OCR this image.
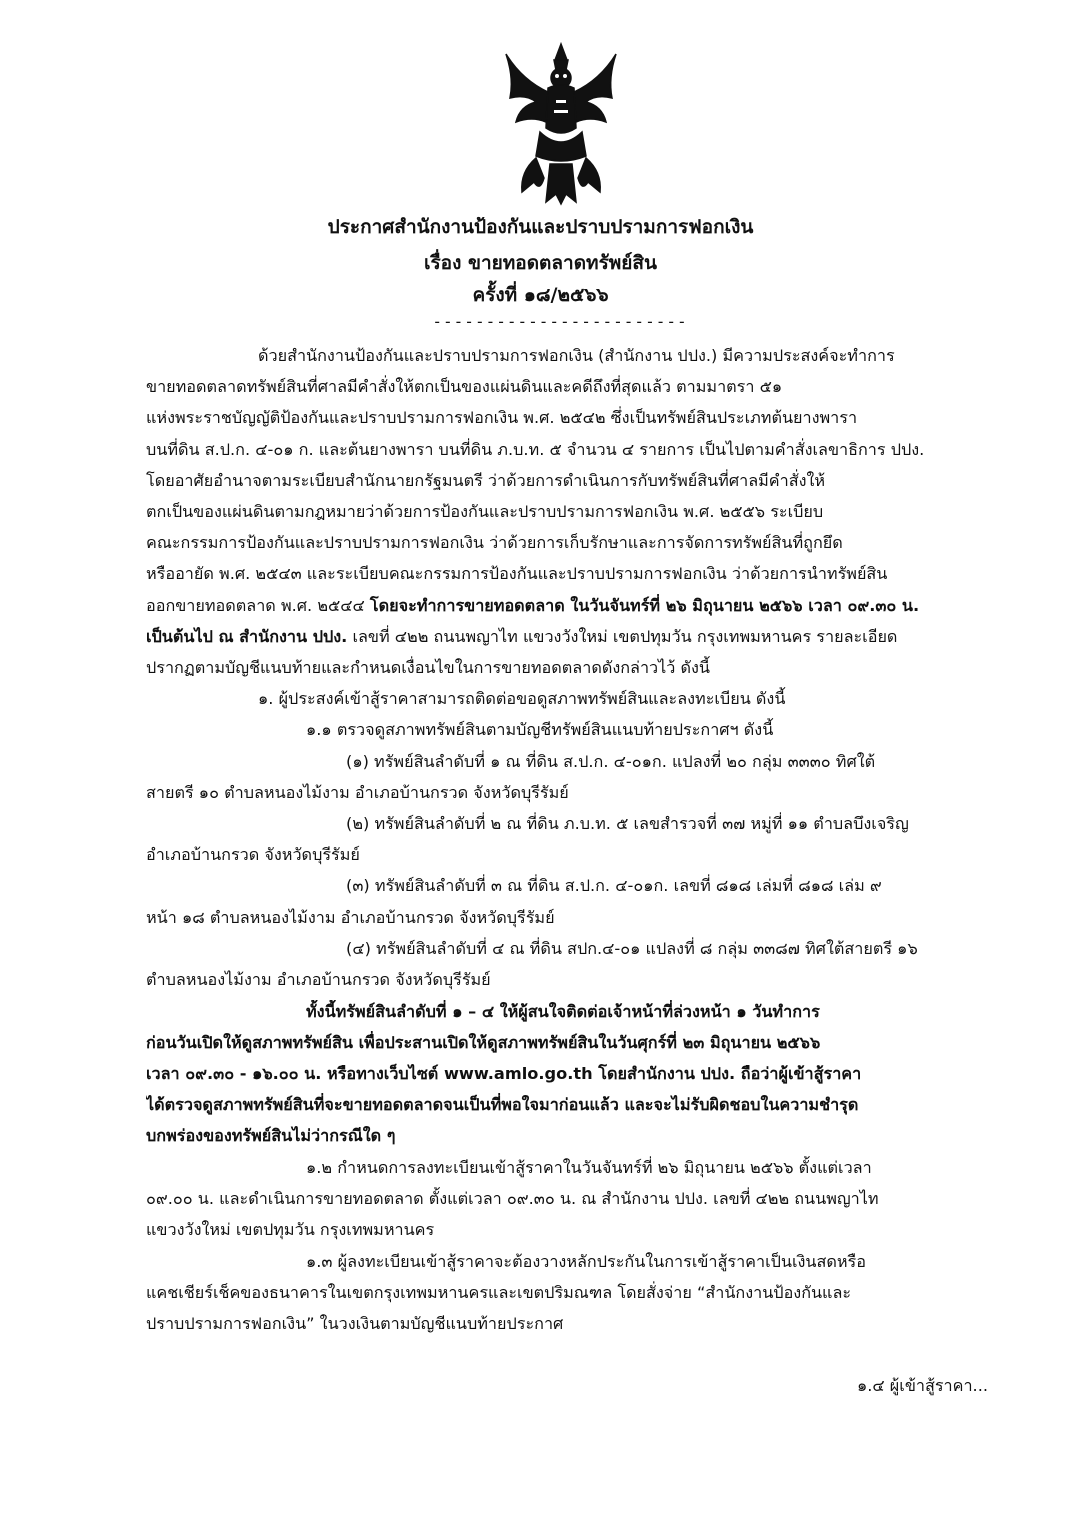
ประกาศสำนักงานป้องกันและปราบปรามการฟอกเงิน
เรื่อง ขายทอดตลาดทรัพย์สิน
ครั้งที่ ๑๘/๒๕๖๖
------------------------
ด้วยสำนักงานป้องกันและปราบปรามการฟอกเงิน (สำนักงาน ปปง.) มีความประสงค์จะทำการ
ขายทอดตลาดทรัพย์สินที่ศาลมีคำสั่งให้ตกเป็นของแผ่นดินและคดีถึงที่สุดแล้ว ตามมาตรา ๕๑
แห่งพระราชบัญญัติป้องกันและปราบปรามการฟอกเงิน พ.ศ. ๒๕๔๒ ซึ่งเป็นทรัพย์สินประเภทต้นยางพารา
บนที่ดิน ส.ป.ก. ๔-๐๑ ก. และต้นยางพารา บนที่ดิน ภ.บ.ท. ๕ จำนวน ๔ รายการ เป็นไปตามคำสั่งเลขาธิการ ปปง.
โดยอาศัยอำนาจตามระเบียบสำนักนายกรัฐมนตรี ว่าด้วยการดำเนินการกับทรัพย์สินที่ศาลมีคำสั่งให้
ตกเป็นของแผ่นดินตามกฎหมายว่าด้วยการป้องกันและปราบปรามการฟอกเงิน พ.ศ. ๒๕๕๖ ระเบียบ
คณะกรรมการป้องกันและปราบปรามการฟอกเงิน ว่าด้วยการเก็บรักษาและการจัดการทรัพย์สินที่ถูกยึด
หรืออายัด พ.ศ. ๒๕๔๓ และระเบียบคณะกรรมการป้องกันและปราบปรามการฟอกเงิน ว่าด้วยการนำทรัพย์สิน
ออกขายทอดตลาด พ.ศ. ๒๕๔๔ โดยจะทำการขายทอดตลาด ในวันจันทร์ที่ ๒๖ มิถุนายน ๒๕๖๖ เวลา ๐๙.๓๐ น.
เป็นต้นไป ณ สำนักงาน ปปง. เลขที่ ๔๒๒ ถนนพญาไท แขวงวังใหม่ เขตปทุมวัน กรุงเทพมหานคร รายละเอียด
ปรากฏตามบัญชีแนบท้ายและกำหนดเงื่อนไขในการขายทอดตลาดดังกล่าวไว้ ดังนี้
๑. ผู้ประสงค์เข้าสู้ราคาสามารถติดต่อขอดูสภาพทรัพย์สินและลงทะเบียน ดังนี้
๑.๑ ตรวจดูสภาพทรัพย์สินตามบัญชีทรัพย์สินแนบท้ายประกาศฯ ดังนี้
(๑) ทรัพย์สินลำดับที่ ๑ ณ ที่ดิน ส.ป.ก. ๔-๐๑ก. แปลงที่ ๒๐ กลุ่ม ๓๓๓๐ ทิศใต้
สายตรี ๑๐ ตำบลหนองไม้งาม อำเภอบ้านกรวด จังหวัดบุรีรัมย์
(๒) ทรัพย์สินลำดับที่ ๒ ณ ที่ดิน ภ.บ.ท. ๕ เลขสำรวจที่ ๓๗ หมู่ที่ ๑๑ ตำบลบึงเจริญ
อำเภอบ้านกรวด จังหวัดบุรีรัมย์
(๓) ทรัพย์สินลำดับที่ ๓ ณ ที่ดิน ส.ป.ก. ๔-๐๑ก. เลขที่ ๘๑๘ เล่มที่ ๘๑๘ เล่ม ๙
หน้า ๑๘ ตำบลหนองไม้งาม อำเภอบ้านกรวด จังหวัดบุรีรัมย์
(๔) ทรัพย์สินลำดับที่ ๔ ณ ที่ดิน สปก.๔-๐๑ แปลงที่ ๘ กลุ่ม ๓๓๘๗ ทิศใต้สายตรี ๑๖
ตำบลหนองไม้งาม อำเภอบ้านกรวด จังหวัดบุรีรัมย์
ทั้งนี้ทรัพย์สินลำดับที่ ๑ – ๔ ให้ผู้สนใจติดต่อเจ้าหน้าที่ล่วงหน้า ๑ วันทำการ
ก่อนวันเปิดให้ดูสภาพทรัพย์สิน เพื่อประสานเปิดให้ดูสภาพทรัพย์สินในวันศุกร์ที่ ๒๓ มิถุนายน ๒๕๖๖
เวลา ๐๙.๓๐ - ๑๖.๐๐ น. หรือทางเว็บไซต์ www.amlo.go.th โดยสำนักงาน ปปง. ถือว่าผู้เข้าสู้ราคา
ได้ตรวจดูสภาพทรัพย์สินที่จะขายทอดตลาดจนเป็นที่พอใจมาก่อนแล้ว และจะไม่รับผิดชอบในความชำรุด
บกพร่องของทรัพย์สินไม่ว่ากรณีใด ๆ
๑.๒ กำหนดการลงทะเบียนเข้าสู้ราคาในวันจันทร์ที่ ๒๖ มิถุนายน ๒๕๖๖ ตั้งแต่เวลา
๐๙.๐๐ น. และดำเนินการขายทอดตลาด ตั้งแต่เวลา ๐๙.๓๐ น. ณ สำนักงาน ปปง. เลขที่ ๔๒๒ ถนนพญาไท
แขวงวังใหม่ เขตปทุมวัน กรุงเทพมหานคร
๑.๓ ผู้ลงทะเบียนเข้าสู้ราคาจะต้องวางหลักประกันในการเข้าสู้ราคาเป็นเงินสดหรือ
แคชเชียร์เช็คของธนาคารในเขตกรุงเทพมหานครและเขตปริมณฑล โดยสั่งจ่าย “สำนักงานป้องกันและ
ปราบปรามการฟอกเงิน” ในวงเงินตามบัญชีแนบท้ายประกาศ
๑.๔ ผู้เข้าสู้ราคา...
